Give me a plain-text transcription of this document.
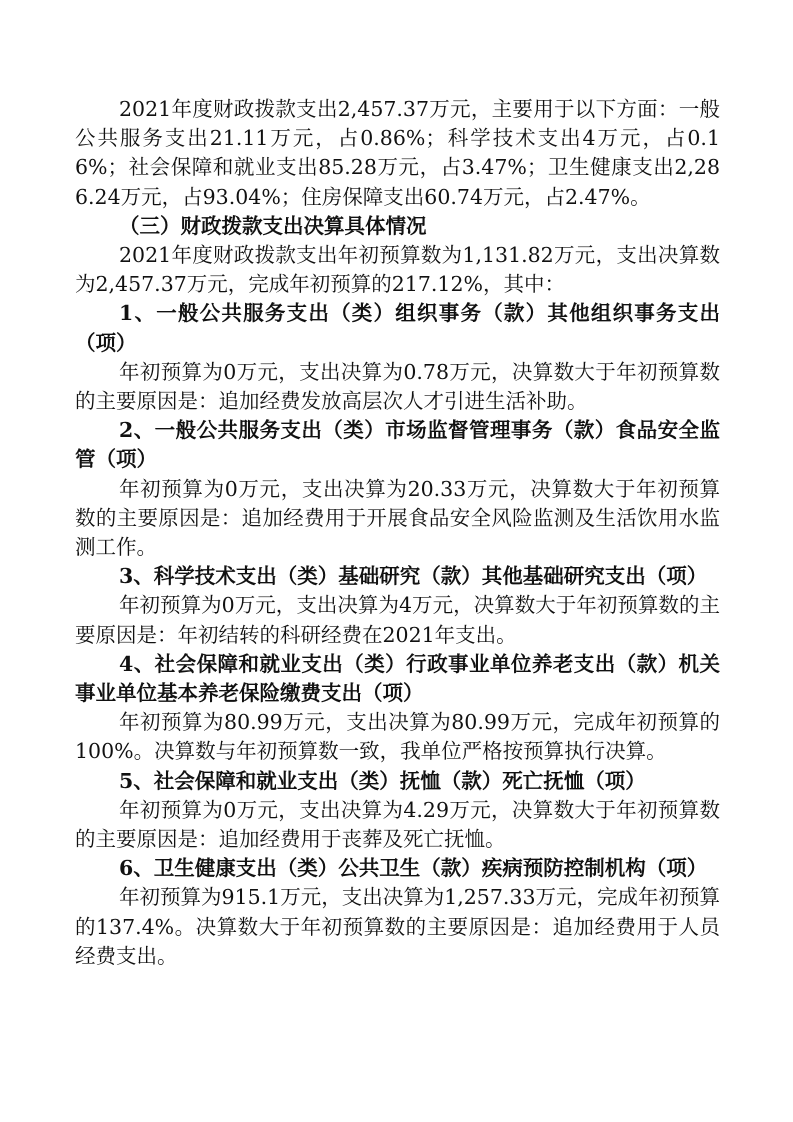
2021年度财政拨款支出2,457.37万元，主要用于以下方面：一般公共服务支出21.11万元，占0.86%；科学技术支出4万元，占0.16%；社会保障和就业支出85.28万元，占3.47%；卫生健康支出2,286.24万元，占93.04%；住房保障支出60.74万元，占2.47%。

（三）财政拨款支出决算具体情况

2021年度财政拨款支出年初预算数为1,131.82万元，支出决算数为2,457.37万元，完成年初预算的217.12%，其中：

1、一般公共服务支出（类）组织事务（款）其他组织事务支出（项）

年初预算为0万元，支出决算为0.78万元，决算数大于年初预算数的主要原因是：追加经费发放高层次人才引进生活补助。

2、一般公共服务支出（类）市场监督管理事务（款）食品安全监管（项）

年初预算为0万元，支出决算为20.33万元，决算数大于年初预算数的主要原因是：追加经费用于开展食品安全风险监测及生活饮用水监测工作。

3、科学技术支出（类）基础研究（款）其他基础研究支出（项）

年初预算为0万元，支出决算为4万元，决算数大于年初预算数的主要原因是：年初结转的科研经费在2021年支出。

4、社会保障和就业支出（类）行政事业单位养老支出（款）机关事业单位基本养老保险缴费支出（项）

年初预算为80.99万元，支出决算为80.99万元，完成年初预算的100%。决算数与年初预算数一致，我单位严格按预算执行决算。

5、社会保障和就业支出（类）抚恤（款）死亡抚恤（项）

年初预算为0万元，支出决算为4.29万元，决算数大于年初预算数的主要原因是：追加经费用于丧葬及死亡抚恤。

6、卫生健康支出（类）公共卫生（款）疾病预防控制机构（项）

年初预算为915.1万元，支出决算为1,257.33万元，完成年初预算的137.4%。决算数大于年初预算数的主要原因是：追加经费用于人员经费支出。
